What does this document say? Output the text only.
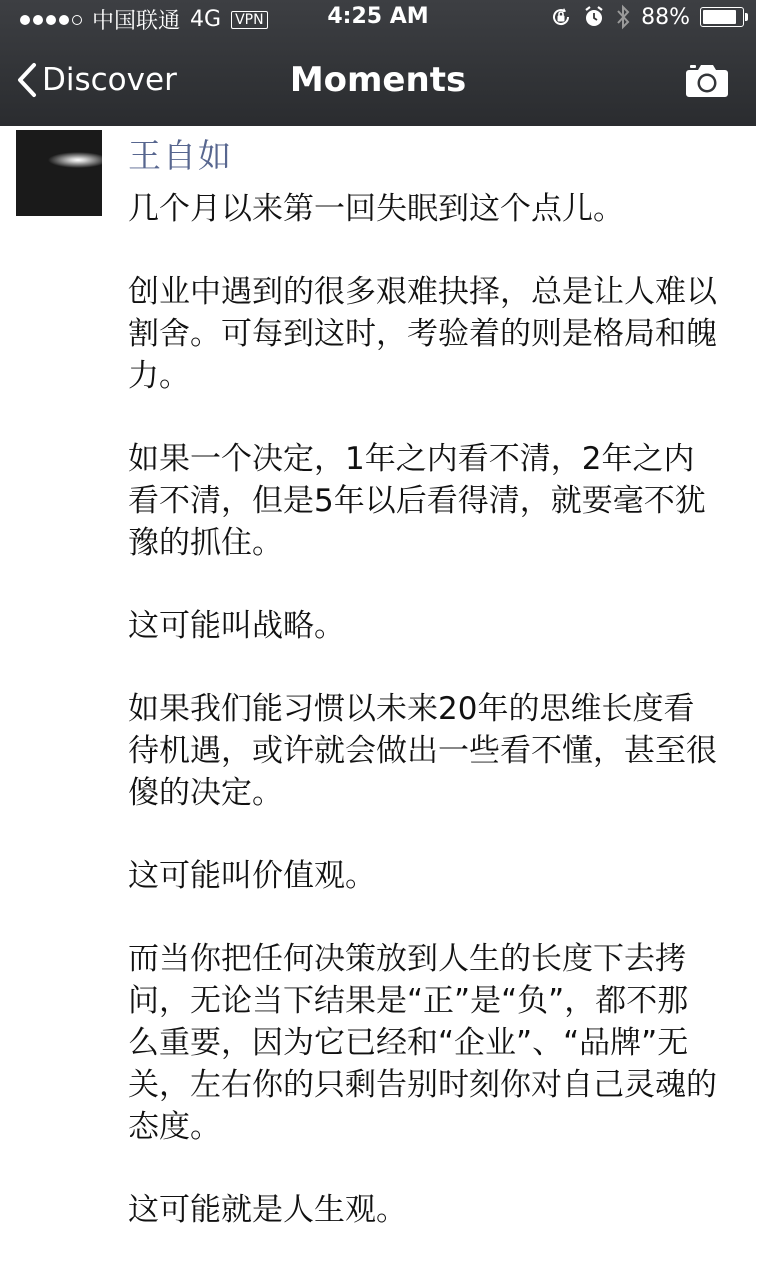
中国联通 4G VPN	4:25 AM	88%
Discover	Moments
王自如

几个月以来第一回失眠到这个点儿。

创业中遇到的很多艰难抉择，总是让人难以割舍。可每到这时，考验着的则是格局和魄力。

如果一个决定，1年之内看不清，2年之内看不清，但是5年以后看得清，就要毫不犹豫的抓住。

这可能叫战略。

如果我们能习惯以未来20年的思维长度看待机遇，或许就会做出一些看不懂，甚至很傻的决定。

这可能叫价值观。

而当你把任何决策放到人生的长度下去拷问，无论当下结果是“正”是“负”，都不那么重要，因为它已经和“企业”、“品牌”无关，左右你的只剩告别时刻你对自己灵魂的态度。

这可能就是人生观。
